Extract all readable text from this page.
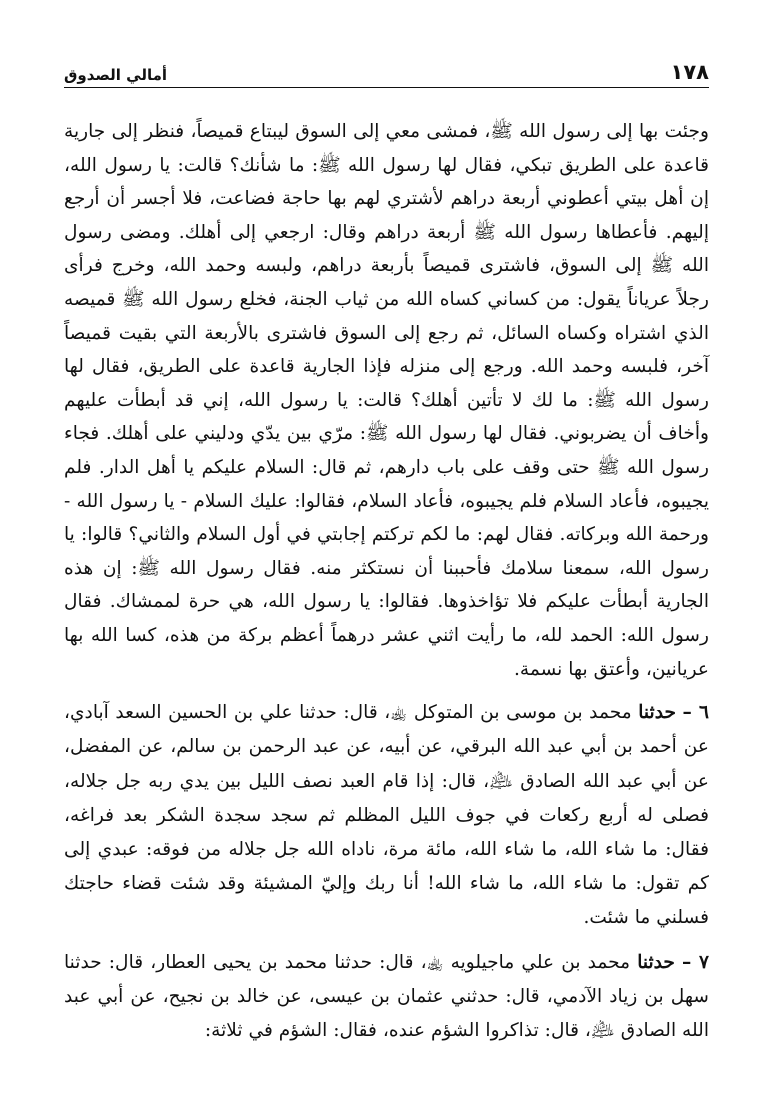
١٧٨
أمالي الصدوق

وجئت بها إلى رسول الله ﷺ، فمشى معي إلى السوق ليبتاع قميصاً، فنظر إلى جارية قاعدة على الطريق تبكي، فقال لها رسول الله ﷺ: ما شأنك؟ قالت: يا رسول الله، إن أهل بيتي أعطوني أربعة دراهم لأشتري لهم بها حاجة فضاعت، فلا أجسر أن أرجع إليهم. فأعطاها رسول الله ﷺ أربعة دراهم وقال: ارجعي إلى أهلك. ومضى رسول الله ﷺ إلى السوق، فاشترى قميصاً بأربعة دراهم، ولبسه وحمد الله، وخرج فرأى رجلاً عرياناً يقول: من كساني كساه الله من ثياب الجنة، فخلع رسول الله ﷺ قميصه الذي اشتراه وكساه السائل، ثم رجع إلى السوق فاشترى بالأربعة التي بقيت قميصاً آخر، فلبسه وحمد الله. ورجع إلى منزله فإذا الجارية قاعدة على الطريق، فقال لها رسول الله ﷺ: ما لك لا تأتين أهلك؟ قالت: يا رسول الله، إني قد أبطأت عليهم وأخاف أن يضربوني. فقال لها رسول الله ﷺ: مرّي بين يدّي ودليني على أهلك. فجاء رسول الله ﷺ حتى وقف على باب دارهم، ثم قال: السلام عليكم يا أهل الدار. فلم يجيبوه، فأعاد السلام فلم يجيبوه، فأعاد السلام، فقالوا: عليك السلام - يا رسول الله - ورحمة الله وبركاته. فقال لهم: ما لكم تركتم إجابتي في أول السلام والثاني؟ قالوا: يا رسول الله، سمعنا سلامك فأحببنا أن نستكثر منه. فقال رسول الله ﷺ: إن هذه الجارية أبطأت عليكم فلا تؤاخذوها. فقالوا: يا رسول الله، هي حرة لممشاك. فقال رسول الله: الحمد لله، ما رأيت اثني عشر درهماً أعظم بركة من هذه، كسا الله بها عريانين، وأعتق بها نسمة.

٦ – حدثنا محمد بن موسى بن المتوكل ﵀، قال: حدثنا علي بن الحسين السعد آبادي، عن أحمد بن أبي عبد الله البرقي، عن أبيه، عن عبد الرحمن بن سالم، عن المفضل، عن أبي عبد الله الصادق ﵇، قال: إذا قام العبد نصف الليل بين يدي ربه جل جلاله، فصلى له أربع ركعات في جوف الليل المظلم ثم سجد سجدة الشكر بعد فراغه، فقال: ما شاء الله، ما شاء الله، مائة مرة، ناداه الله جل جلاله من فوقه: عبدي إلى كم تقول: ما شاء الله، ما شاء الله! أنا ربك وإليّ المشيئة وقد شئت قضاء حاجتك فسلني ما شئت.

٧ – حدثنا محمد بن علي ماجيلويه ﵀، قال: حدثنا محمد بن يحيى العطار، قال: حدثنا سهل بن زياد الآدمي، قال: حدثني عثمان بن عيسى، عن خالد بن نجيح، عن أبي عبد الله الصادق ﵇، قال: تذاكروا الشؤم عنده، فقال: الشؤم في ثلاثة:
